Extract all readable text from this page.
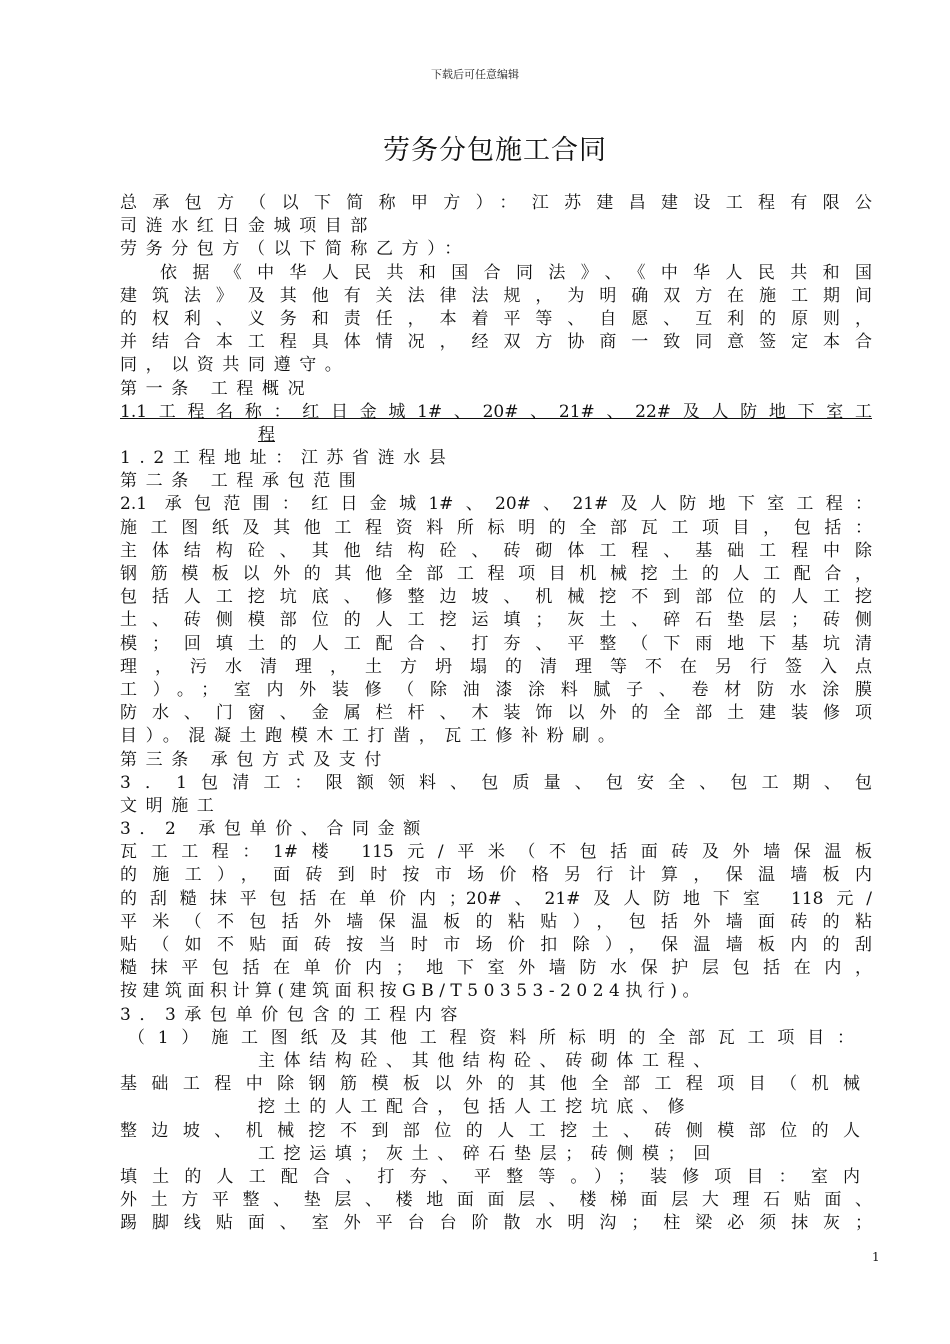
下载后可任意编辑
劳务分包施工合同
总承包方（以下简称甲方）：江苏建昌建设工程有限公
司涟水红日金城项目部
劳务分包方（以下简称乙方）：
依据《中华人民共和国合同法》、《中华人民共和国
建筑法》及其他有关法律法规，为明确双方在施工期间
的权利、义务和责任，本着平等、自愿、互利的原则，
并结合本工程具体情况，经双方协商一致同意签定本合
同，以资共同遵守。
第一条 工程概况
1.1工程名称：红日金城1#、20#、21#、22#及人防地下室工
程
1.2工程地址：江苏省涟水县
第二条 工程承包范围
2.1 承包范围：红日金城1#、20#、21#及人防地下室工程：
施工图纸及其他工程资料所标明的全部瓦工项目，包括：
主体结构砼、其他结构砼、砖砌体工程、基础工程中除
钢筋模板以外的其他全部工程项目机械挖土的人工配合，
包括人工挖坑底、修整边坡、机械挖不到部位的人工挖
土、砖侧模部位的人工挖运填；灰土、碎石垫层；砖侧
模；回填土的人工配合、打夯、平整（下雨地下基坑清
理，污水清理，土方坍塌的清理等不在另行签入点
工）。；室内外装修（除油漆涂料腻子、卷材防水涂膜
防水、门窗、金属栏杆、木装饰以外的全部土建装修项
目）。混凝土跑模木工打凿，瓦工修补粉刷。
第三条 承包方式及支付
3．1包清工：限额领料、包质量、包安全、包工期、包
文明施工
3．2 承包单价、合同金额
瓦工工程：1#楼 115元/平米（不包括面砖及外墙保温板
的施工），面砖到时按市场价格另行计算，保温墙板内
的刮糙抹平包括在单价内；20#、21#及人防地下室 118元/
平米（不包括外墙保温板的粘贴），包括外墙面砖的粘
贴（如不贴面砖按当时市场价扣除），保温墙板内的刮
糙抹平包括在单价内；地下室外墙防水保护层包括在内，
按建筑面积计算(建筑面积按GB/T50353-2024执行)。
3．3承包单价包含的工程内容
（1）施工图纸及其他工程资料所标明的全部瓦工项目：
主体结构砼、其他结构砼、砖砌体工程、
基础工程中除钢筋模板以外的其他全部工程项目（机械
挖土的人工配合，包括人工挖坑底、修
整边坡、机械挖不到部位的人工挖土、砖侧模部位的人
工挖运填；灰土、碎石垫层；砖侧模；回
填土的人工配合、打夯、平整等。）；装修项目：室内
外土方平整、垫层、楼地面面层、楼梯面层大理石贴面、
踢脚线贴面、室外平台台阶散水明沟；柱梁必须抹灰；
1
